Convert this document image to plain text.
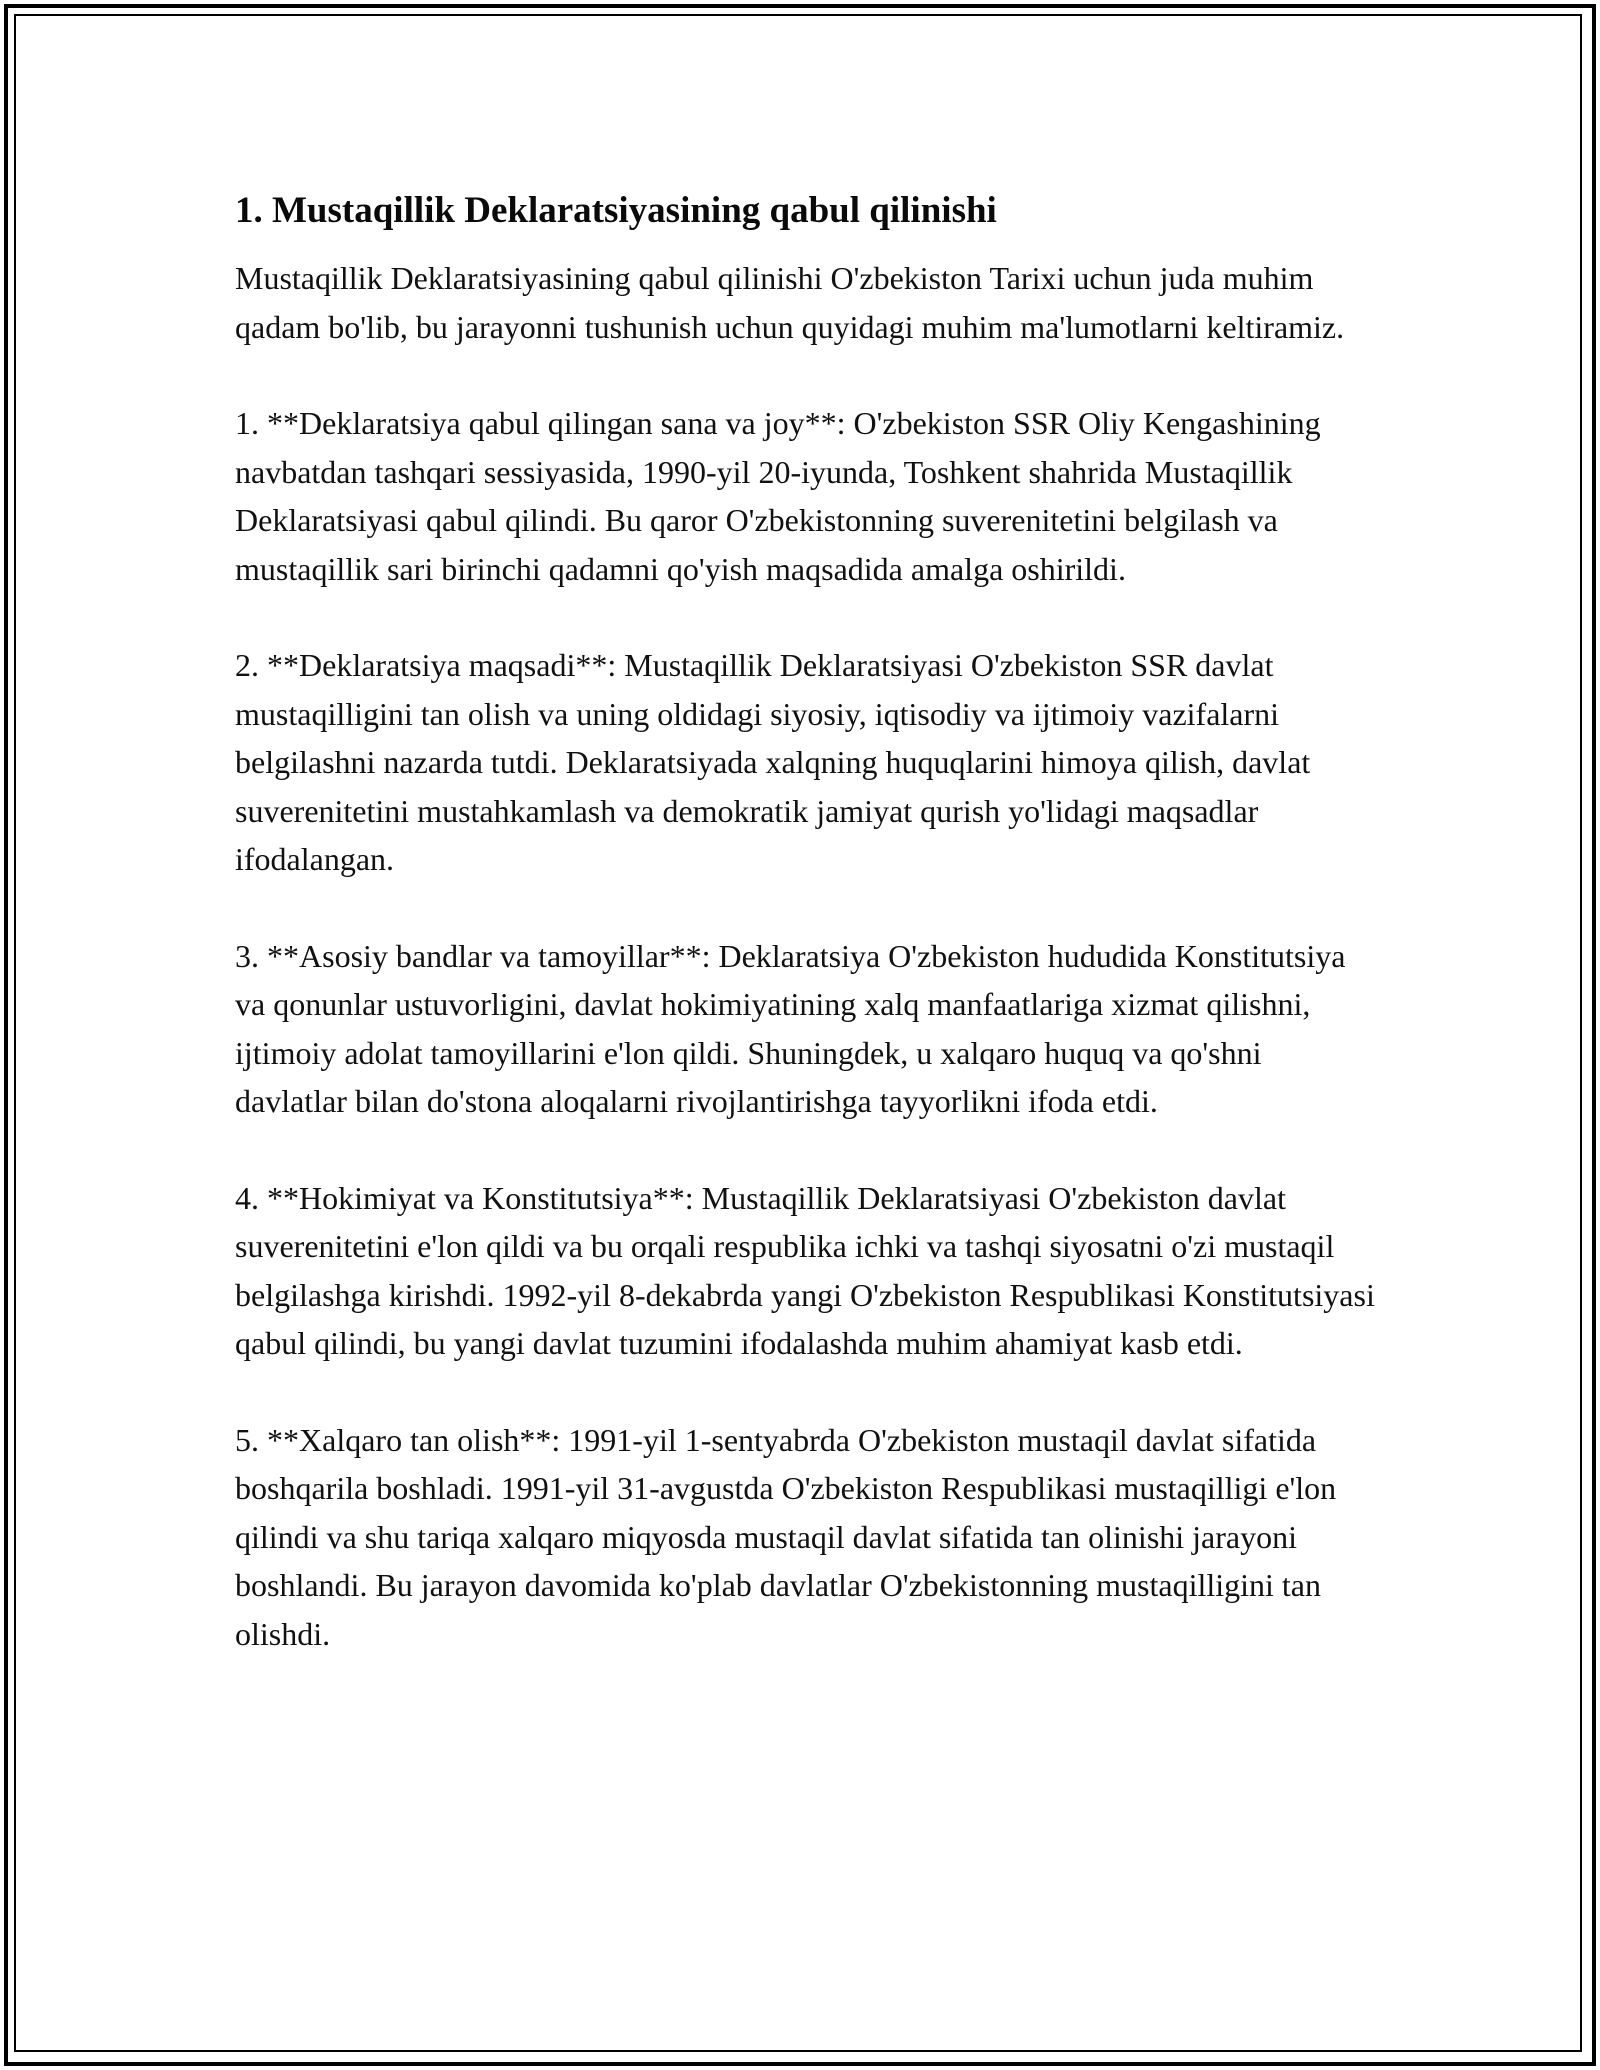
1. Mustaqillik Deklaratsiyasining qabul qilinishi

Mustaqillik Deklaratsiyasining qabul qilinishi O'zbekiston Tarixi uchun juda muhim qadam bo'lib, bu jarayonni tushunish uchun quyidagi muhim ma'lumotlarni keltiramiz.

1. **Deklaratsiya qabul qilingan sana va joy**: O'zbekiston SSR Oliy Kengashining navbatdan tashqari sessiyasida, 1990-yil 20-iyunda, Toshkent shahrida Mustaqillik Deklaratsiyasi qabul qilindi. Bu qaror O'zbekistonning suverenitetini belgilash va mustaqillik sari birinchi qadamni qo'yish maqsadida amalga oshirildi.

2. **Deklaratsiya maqsadi**: Mustaqillik Deklaratsiyasi O'zbekiston SSR davlat mustaqilligini tan olish va uning oldidagi siyosiy, iqtisodiy va ijtimoiy vazifalarni belgilashni nazarda tutdi. Deklaratsiyada xalqning huquqlarini himoya qilish, davlat suverenitetini mustahkamlash va demokratik jamiyat qurish yo'lidagi maqsadlar ifodalangan.

3. **Asosiy bandlar va tamoyillar**: Deklaratsiya O'zbekiston hududida Konstitutsiya va qonunlar ustuvorligini, davlat hokimiyatining xalq manfaatlariga xizmat qilishni, ijtimoiy adolat tamoyillarini e'lon qildi. Shuningdek, u xalqaro huquq va qo'shni davlatlar bilan do'stona aloqalarni rivojlantirishga tayyorlikni ifoda etdi.

4. **Hokimiyat va Konstitutsiya**: Mustaqillik Deklaratsiyasi O'zbekiston davlat suverenitetini e'lon qildi va bu orqali respublika ichki va tashqi siyosatni o'zi mustaqil belgilashga kirishdi. 1992-yil 8-dekabrda yangi O'zbekiston Respublikasi Konstitutsiyasi qabul qilindi, bu yangi davlat tuzumini ifodalashda muhim ahamiyat kasb etdi.

5. **Xalqaro tan olish**: 1991-yil 1-sentyabrda O'zbekiston mustaqil davlat sifatida boshqarila boshladi. 1991-yil 31-avgustda O'zbekiston Respublikasi mustaqilligi e'lon qilindi va shu tariqa xalqaro miqyosda mustaqil davlat sifatida tan olinishi jarayoni boshlandi. Bu jarayon davomida ko'plab davlatlar O'zbekistonning mustaqilligini tan olishdi.
